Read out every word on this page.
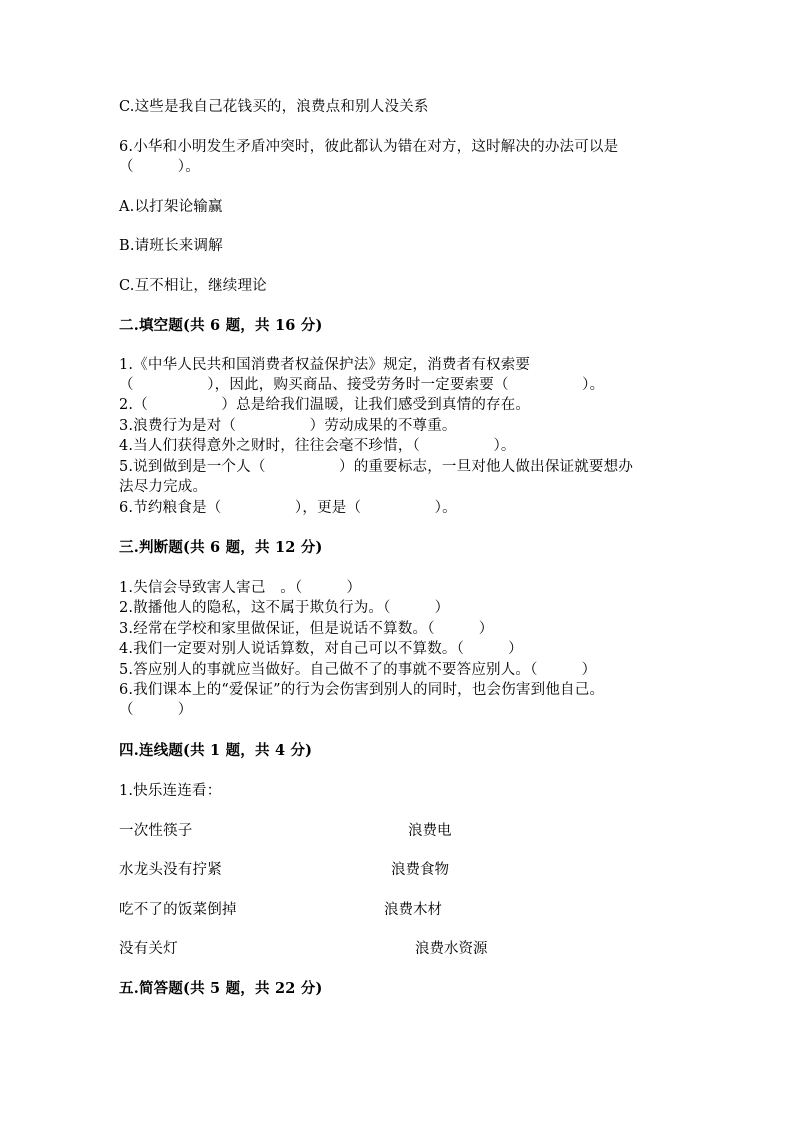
C.这些是我自己花钱买的，浪费点和别人没关系
6.小华和小明发生矛盾冲突时，彼此都认为错在对方，这时解决的办法可以是
（　　　）。
A.以打架论输赢
B.请班长来调解
C.互不相让，继续理论
二.填空题(共 6 题，共 16 分)
1.《中华人民共和国消费者权益保护法》规定，消费者有权索要
（　　　　　），因此，购买商品、接受劳务时一定要索要（　　　　　）。
2.（　　　　　）总是给我们温暖，让我们感受到真情的存在。
3.浪费行为是对（　　　　　）劳动成果的不尊重。
4.当人们获得意外之财时，往往会毫不珍惜，（　　　　　）。
5.说到做到是一个人（　　　　　）的重要标志，一旦对他人做出保证就要想办
法尽力完成。
6.节约粮食是（　　　　　），更是（　　　　　）。
三.判断题(共 6 题，共 12 分)
1.失信会导致害人害己　。（　　　）
2.散播他人的隐私，这不属于欺负行为。（　　　）
3.经常在学校和家里做保证，但是说话不算数。（　　　）
4.我们一定要对别人说话算数，对自己可以不算数。（　　　）
5.答应别人的事就应当做好。自己做不了的事就不要答应别人。（　　　）
6.我们课本上的“爱保证”的行为会伤害到别人的同时，也会伤害到他自己。
（　　　）
四.连线题(共 1 题，共 4 分)
1.快乐连连看：
一次性筷子	浪费电
水龙头没有拧紧	浪费食物
吃不了的饭菜倒掉	浪费木材
没有关灯	浪费水资源
五.简答题(共 5 题，共 22 分)
